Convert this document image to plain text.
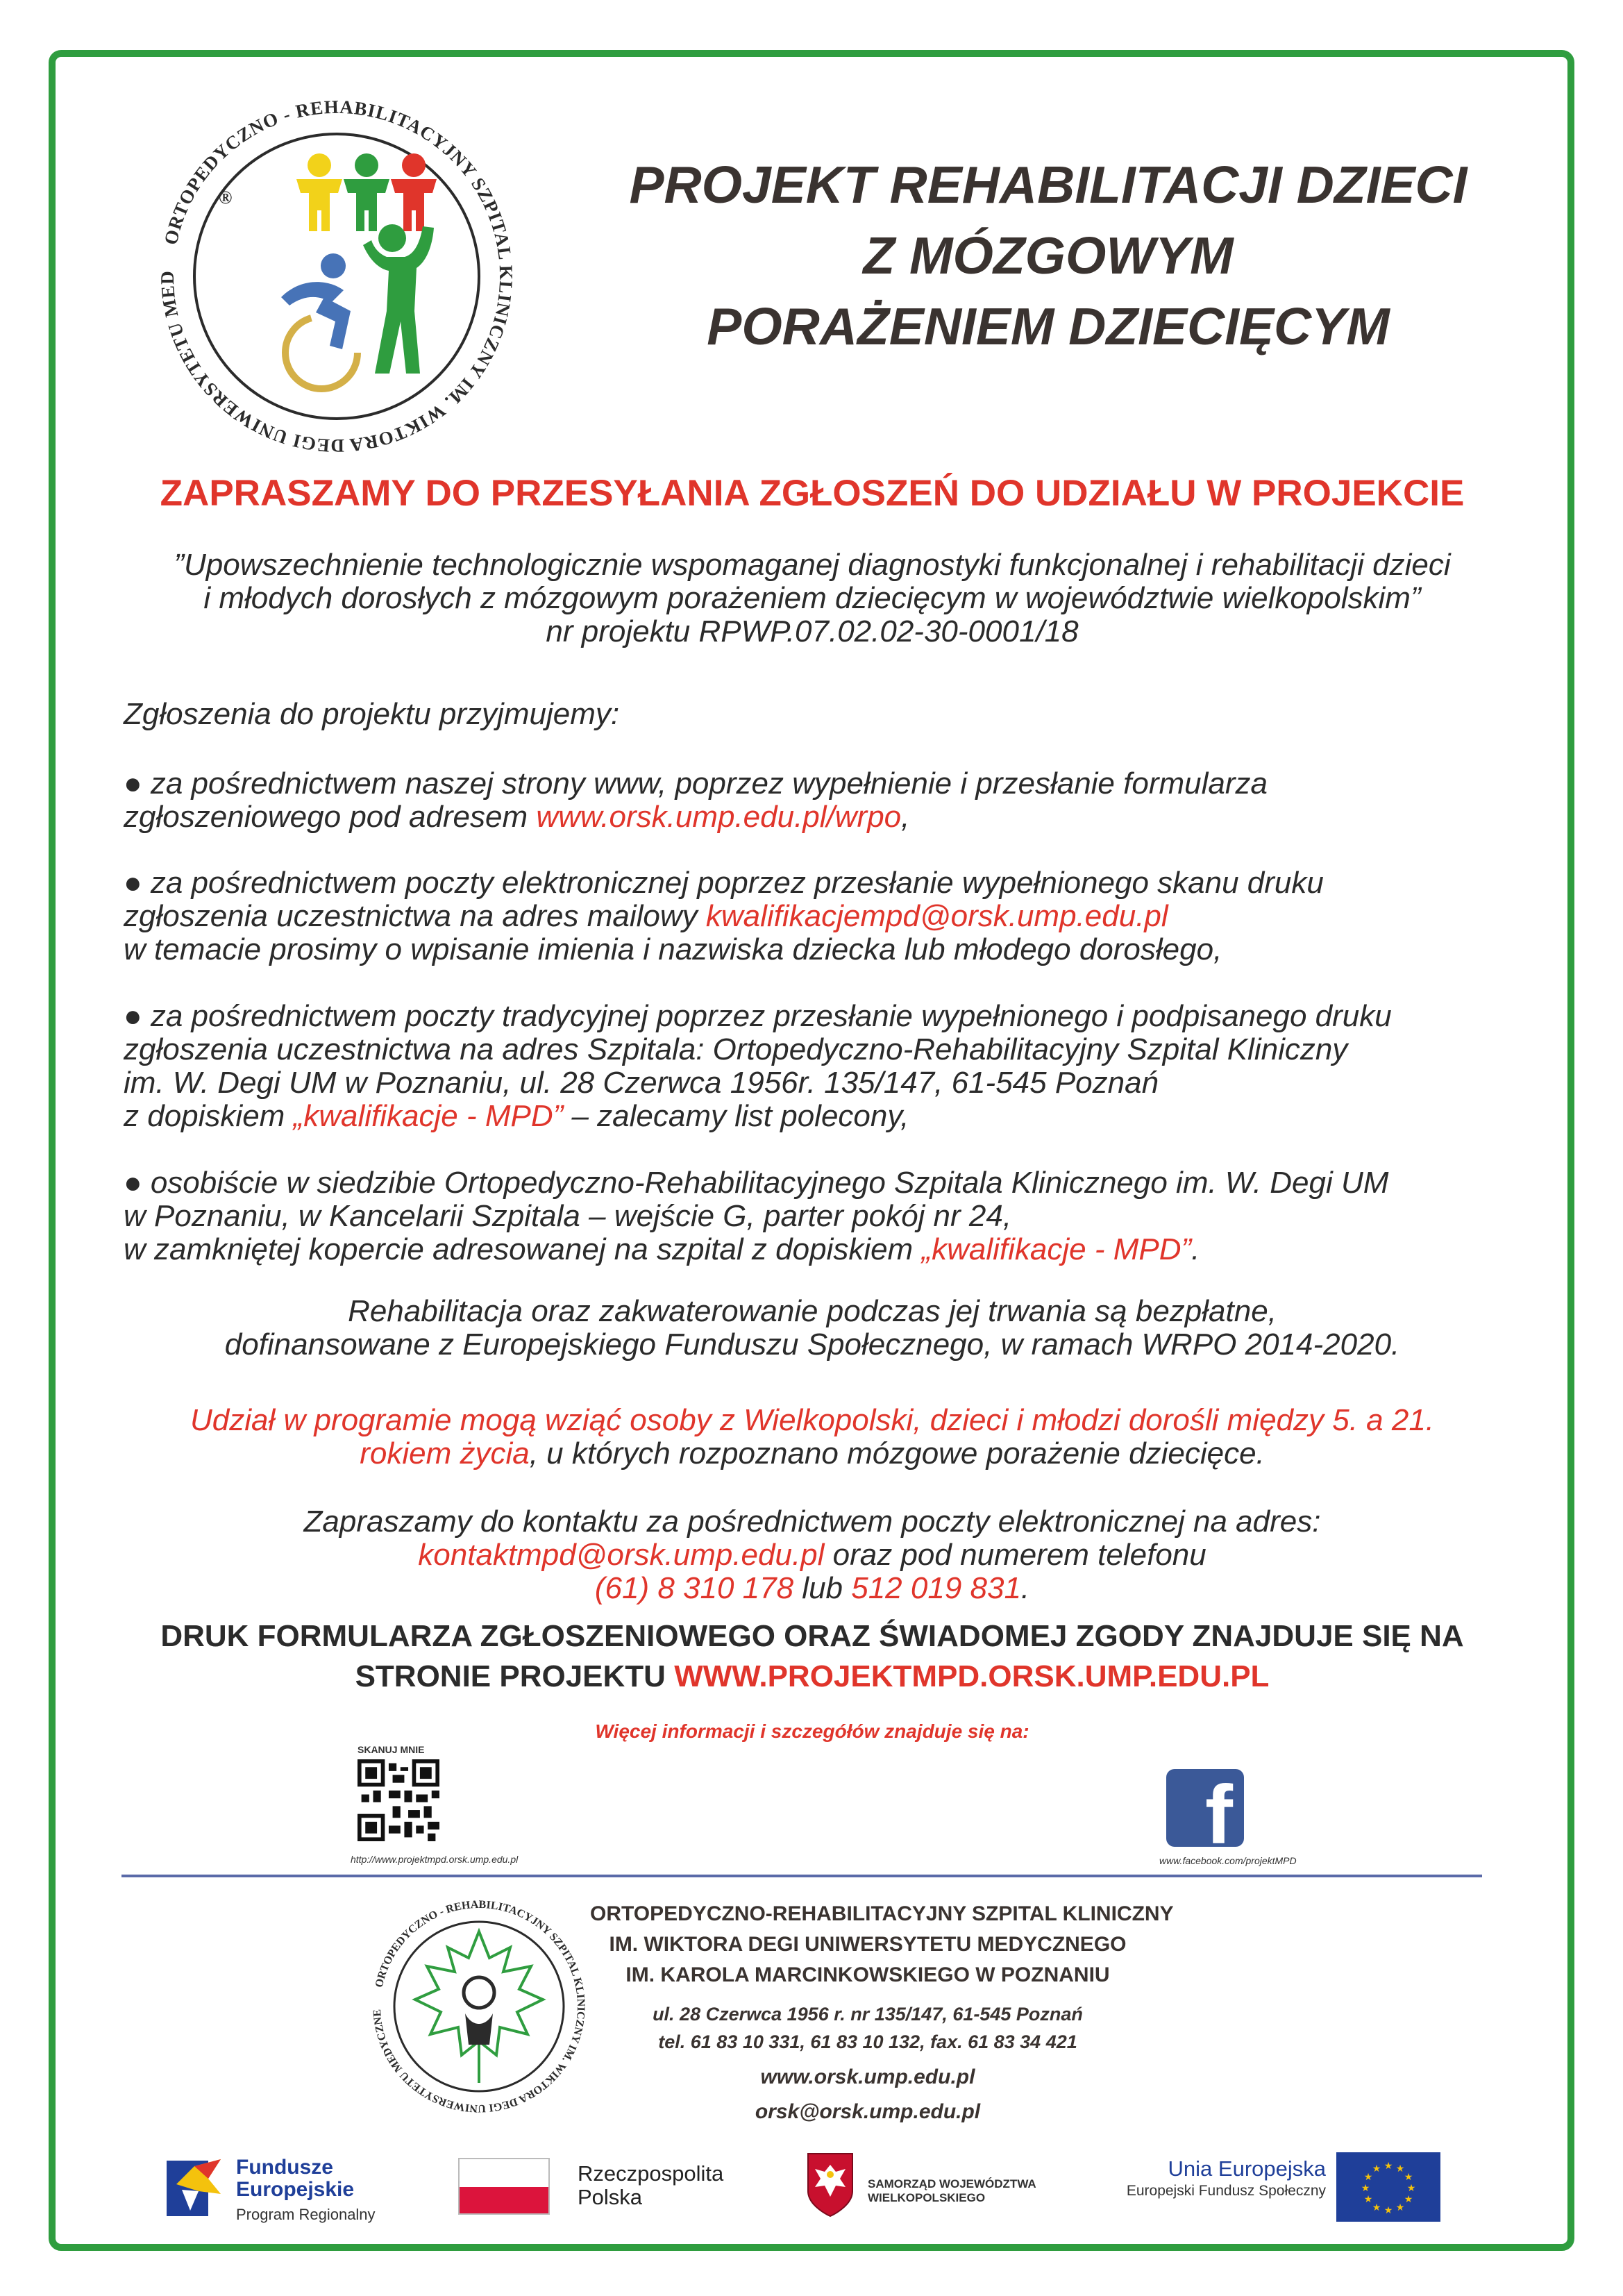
ORTOPEDYCZNO - REHABILITACYJNY SZPITAL KLINICZNY IM. WIKTORA DEGI UNIWERSYTETU MED
®	PROJEKT REHABILITACJI DZIECI
Z MÓZGOWYM
PORAŻENIEM DZIECIĘCYM
ZAPRASZAMY DO PRZESYŁANIA ZGŁOSZEŃ DO UDZIAŁU W PROJEKCIE
”Upowszechnienie technologicznie wspomaganej diagnostyki funkcjonalnej i rehabilitacji dzieci
i młodych dorosłych z mózgowym porażeniem dziecięcym w województwie wielkopolskim”
nr projektu RPWP.07.02.02-30-0001/18
Zgłoszenia do projektu przyjmujemy:
● za pośrednictwem naszej strony www, poprzez wypełnienie i przesłanie formularza
zgłoszeniowego pod adresem www.orsk.ump.edu.pl/wrpo,
● za pośrednictwem poczty elektronicznej poprzez przesłanie wypełnionego skanu druku
zgłoszenia uczestnictwa na adres mailowy kwalifikacjempd@orsk.ump.edu.pl
w temacie prosimy o wpisanie imienia i nazwiska dziecka lub młodego dorosłego,
● za pośrednictwem poczty tradycyjnej poprzez przesłanie wypełnionego i podpisanego druku
zgłoszenia uczestnictwa na adres Szpitala: Ortopedyczno-Rehabilitacyjny Szpital Kliniczny
im. W. Degi UM w Poznaniu, ul. 28 Czerwca 1956r. 135/147, 61-545 Poznań
z dopiskiem „kwalifikacje - MPD” – zalecamy list polecony,
● osobiście w siedzibie Ortopedyczno-Rehabilitacyjnego Szpitala Klinicznego im. W. Degi UM
w Poznaniu, w Kancelarii Szpitala – wejście G, parter pokój nr 24,
w zamkniętej kopercie adresowanej na szpital z dopiskiem „kwalifikacje - MPD”.
Rehabilitacja oraz zakwaterowanie podczas jej trwania są bezpłatne,
dofinansowane z Europejskiego Funduszu Społecznego, w ramach WRPO 2014-2020.
Udział w programie mogą wziąć osoby z Wielkopolski, dzieci i młodzi dorośli między 5. a 21.
rokiem życia, u których rozpoznano mózgowe porażenie dziecięce.
Zapraszamy do kontaktu za pośrednictwem poczty elektronicznej na adres:
kontaktmpd@orsk.ump.edu.pl oraz pod numerem telefonu
(61) 8 310 178 lub 512 019 831.
DRUK FORMULARZA ZGŁOSZENIOWEGO ORAZ ŚWIADOMEJ ZGODY ZNAJDUJE SIĘ NA
STRONIE PROJEKTU WWW.PROJEKTMPD.ORSK.UMP.EDU.PL
Więcej informacji i szczegółów znajduje się na:
SKANUJ MNIE
http://www.projektmpd.orsk.ump.edu.pl	f
www.facebook.com/projektMPD
ORTOPEDYCZNO - REHABILITACYJNY SZPITAL KLINICZNY IM. WIKTORA DEGI UNIWERSYTETU MEDYCZNE
ORTOPEDYCZNO-REHABILITACYJNY SZPITAL KLINICZNY
IM. WIKTORA DEGI UNIWERSYTETU MEDYCZNEGO
IM. KAROLA MARCINKOWSKIEGO W POZNANIU
ul. 28 Czerwca 1956 r. nr 135/147, 61-545 Poznań
tel. 61 83 10 331, 61 83 10 132, fax. 61 83 34 421
www.orsk.ump.edu.pl
orsk@orsk.ump.edu.pl
Fundusze
Europejskie
Program Regionalny
Rzeczpospolita
Polska
SAMORZĄD WOJEWÓDZTWA
WIELKOPOLSKIEGO
Unia Europejska
Europejski Fundusz Społeczny
★ ★
★
★
★
★
★
★
★
★
★
★
